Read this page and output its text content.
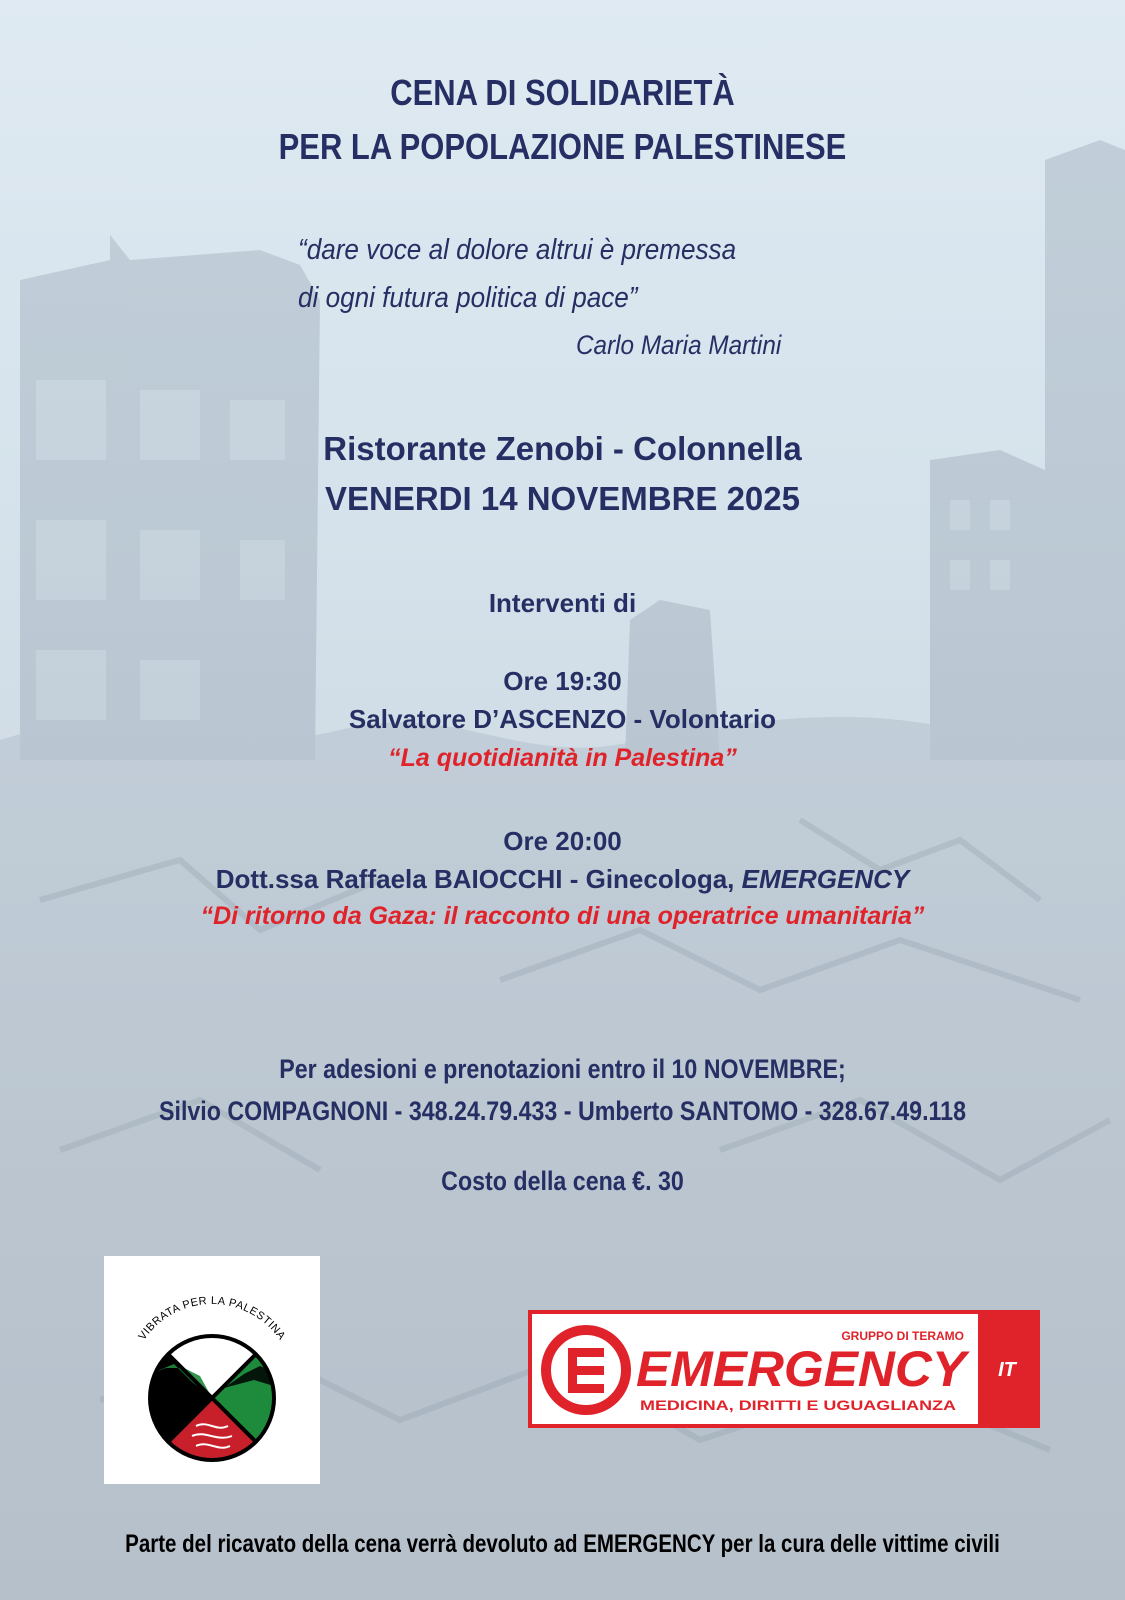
CENA DI SOLIDARIETÀ
PER LA POPOLAZIONE PALESTINESE
“dare voce al dolore altrui è premessa
di ogni futura politica di pace”
Carlo Maria Martini
Ristorante Zenobi - Colonnella
VENERDI 14 NOVEMBRE 2025
Interventi di
Ore 19:30
Salvatore D’ASCENZO - Volontario
“La quotidianità in Palestina”
Ore 20:00
Dott.ssa Raffaela BAIOCCHI - Ginecologa, EMERGENCY
“Di ritorno da Gaza: il racconto di una operatrice umanitaria”
Per adesioni e prenotazioni entro il 10 NOVEMBRE;
Silvio COMPAGNONI - 348.24.79.433 - Umberto SANTOMO - 328.67.49.118
Costo della cena €. 30
VIBRATA PER LA PALESTINA	GRUPPO DI TERAMO
EMERGENCY IT
MEDICINA, DIRITTI E UGUAGLIANZA
Parte del ricavato della cena verrà devoluto ad EMERGENCY per la cura delle vittime civili
